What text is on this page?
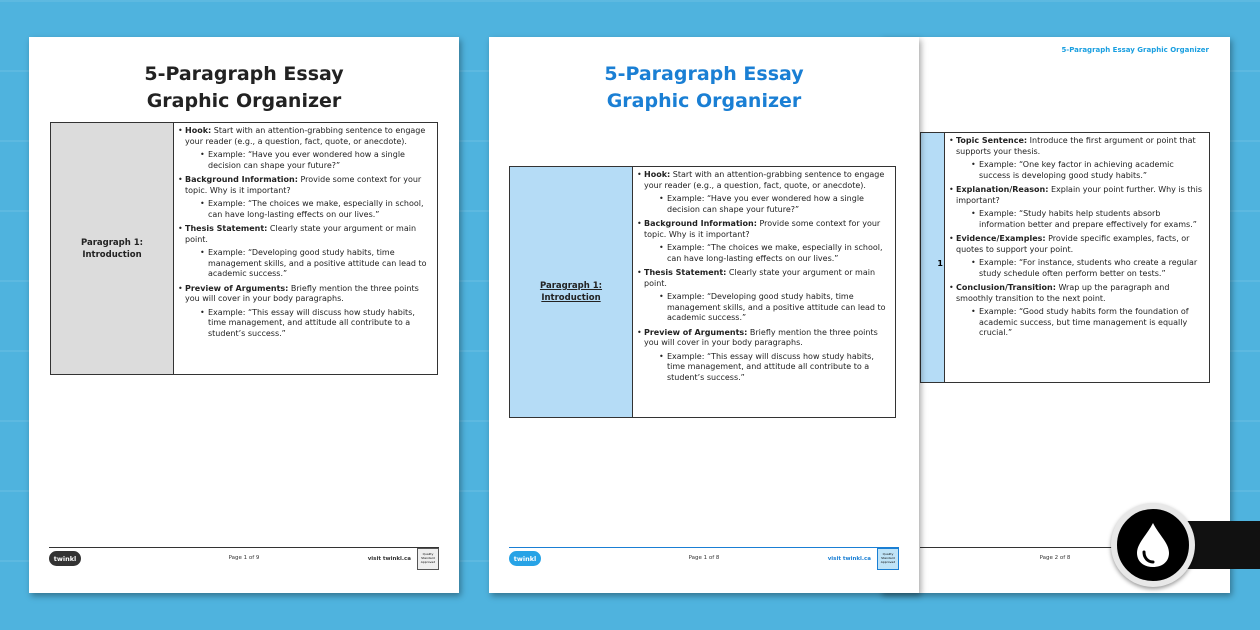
5-Paragraph Essay Graphic Organizer
1
• Topic Sentence: Introduce the first argument or point that supports your thesis.
• Example: “One key factor in achieving academic success is developing good study habits.”
• Explanation/Reason: Explain your point further. Why is this important?
• Example: “Study habits help students absorb information better and prepare effectively for exams.”
• Evidence/Examples: Provide specific examples, facts, or quotes to support your point.
• Example: “For instance, students who create a regular study schedule often perform better on tests.”
• Conclusion/Transition: Wrap up the paragraph and smoothly transition to the next point.
• Example: “Good study habits form the foundation of academic success, but time management is equally crucial.”
Page 2 of 8
5-Paragraph Essay
Graphic Organizer
Paragraph 1:
Introduction
• Hook: Start with an attention-grabbing sentence to engage your reader (e.g., a question, fact, quote, or anecdote).
• Example: “Have you ever wondered how a single decision can shape your future?”
• Background Information: Provide some context for your topic. Why is it important?
• Example: “The choices we make, especially in school, can have long-lasting effects on our lives.”
• Thesis Statement: Clearly state your argument or main point.
• Example: “Developing good study habits, time management skills, and a positive attitude can lead to academic success.”
• Preview of Arguments: Briefly mention the three points you will cover in your body paragraphs.
• Example: “This essay will discuss how study habits, time management, and attitude all contribute to a student’s success.”
twinkl	Page 1 of 9	visit twinkl.ca
Quality Standard Approved
5-Paragraph Essay
Graphic Organizer
Paragraph 1:
Introduction
• Hook: Start with an attention-grabbing sentence to engage your reader (e.g., a question, fact, quote, or anecdote).
• Example: “Have you ever wondered how a single decision can shape your future?”
• Background Information: Provide some context for your topic. Why is it important?
• Example: “The choices we make, especially in school, can have long-lasting effects on our lives.”
• Thesis Statement: Clearly state your argument or main point.
• Example: “Developing good study habits, time management skills, and a positive attitude can lead to academic success.”
• Preview of Arguments: Briefly mention the three points you will cover in your body paragraphs.
• Example: “This essay will discuss how study habits, time management, and attitude all contribute to a student’s success.”
twinkl	Page 1 of 8	visit twinkl.ca
Quality Standard Approved
